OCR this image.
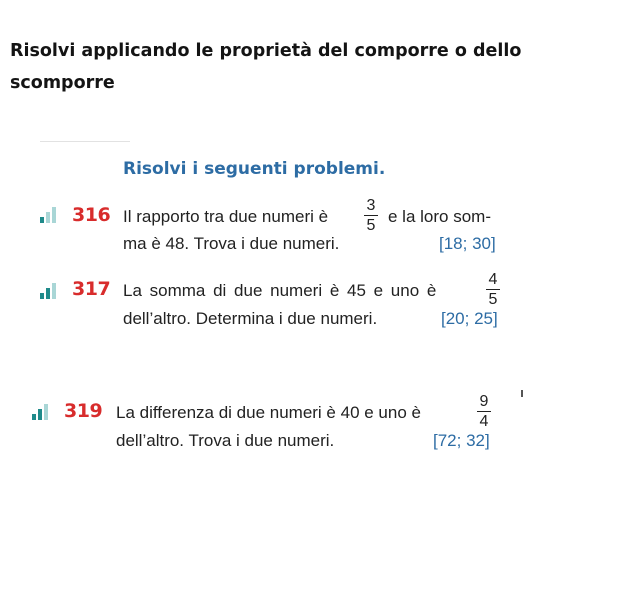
Risolvi applicando le proprietà del comporre o dello
scomporre
Risolvi i seguenti problemi.
316 Il rapporto tra due numeri è
3
5 e la loro som-
ma è 48. Trova i due numeri.	[18; 30]
317 La somma di due numeri è 45 e uno è
4
5
dell’altro. Determina i due numeri.	[20; 25]
319 La differenza di due numeri è 40 e uno è
9
4
dell’altro. Trova i due numeri.	[72; 32]
